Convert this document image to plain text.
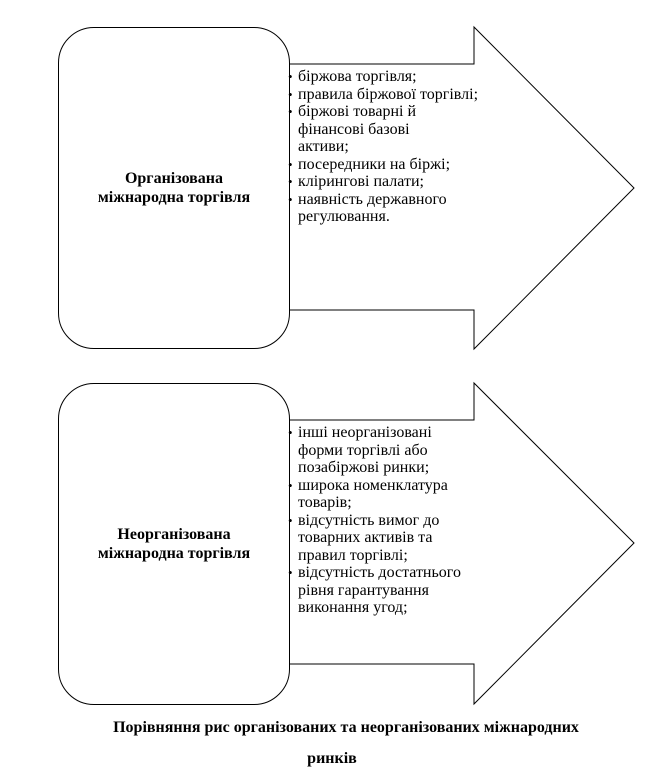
Організована
міжнародна торгівля
• біржова торгівля;
• правила біржової торгівлі;
• біржові товарні й фінансові базові активи;
• посередники на біржі;
• клірингові палати;
• наявність державного регулювання.
Неорганізована
міжнародна торгівля
• інші неорганізовані форми торгівлі або позабіржові ринки;
• широка номенклатура товарів;
• відсутність вимог до товарних активів та правил торгівлі;
• відсутність достатнього рівня гарантування виконання угод;
Порівняння рис організованих та неорганізованих міжнародних
ринків
